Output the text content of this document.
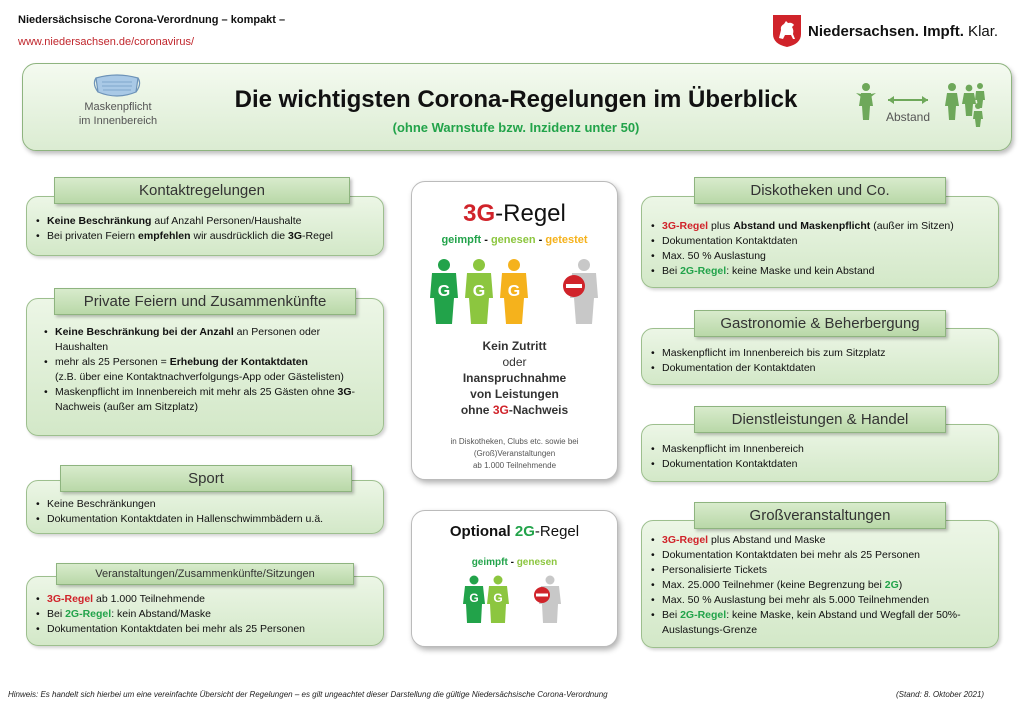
Niedersächsische Corona-Verordnung – kompakt –
www.niedersachsen.de/coronavirus/
Niedersachsen. Impft. Klar.
Maskenpflicht
im Innenbereich
Die wichtigsten Corona-Regelungen im Überblick
(ohne Warnstufe bzw. Inzidenz unter 50)
Abstand
• Keine Beschränkung auf Anzahl Personen/Haushalte
• Bei privaten Feiern empfehlen wir ausdrücklich die 3G-Regel
Kontaktregelungen
• Keine Beschränkung bei der Anzahl an Personen oder Haushalten
• mehr als 25 Personen = Erhebung der Kontaktdaten
(z.B. über eine Kontaktnachverfolgungs-App oder Gästelisten)
• Maskenpflicht im Innenbereich mit mehr als 25 Gästen ohne 3G-Nachweis (außer am Sitzplatz)
Private Feiern und Zusammenkünfte
• Keine Beschränkungen
• Dokumentation Kontaktdaten in Hallenschwimmbädern u.ä.
Sport
• 3G-Regel ab 1.000 Teilnehmende
• Bei 2G-Regel: kein Abstand/Maske
• Dokumentation Kontaktdaten bei mehr als 25 Personen
Veranstaltungen/Zusammenkünfte/Sitzungen
3G-Regel
geimpft - genesen - getestet
G G G
Kein Zutritt
oder
Inanspruchnahme
von Leistungen
ohne 3G-Nachweis
in Diskotheken, Clubs etc. sowie bei
(Groß)Veranstaltungen
ab 1.000 Teilnehmende
Optional 2G-Regel
geimpft - genesen
G G
• 3G-Regel plus Abstand und Maskenpflicht (außer im Sitzen)
• Dokumentation Kontaktdaten
• Max. 50 % Auslastung
• Bei 2G-Regel: keine Maske und kein Abstand
Diskotheken und Co.
• Maskenpflicht im Innenbereich bis zum Sitzplatz
• Dokumentation der Kontaktdaten
Gastronomie & Beherbergung
• Maskenpflicht im Innenbereich
• Dokumentation Kontaktdaten
Dienstleistungen & Handel
• 3G-Regel plus Abstand und Maske
• Dokumentation Kontaktdaten bei mehr als 25 Personen
• Personalisierte Tickets
• Max. 25.000 Teilnehmer (keine Begrenzung bei 2G)
• Max. 50 % Auslastung bei mehr als 5.000 Teilnehmenden
• Bei 2G-Regel: keine Maske, kein Abstand und Wegfall der 50%-Auslastungs-Grenze
Großveranstaltungen
Hinweis: Es handelt sich hierbei um eine vereinfachte Übersicht der Regelungen – es gilt ungeachtet dieser Darstellung die gültige Niedersächsische Corona-Verordnung	(Stand: 8. Oktober 2021)
